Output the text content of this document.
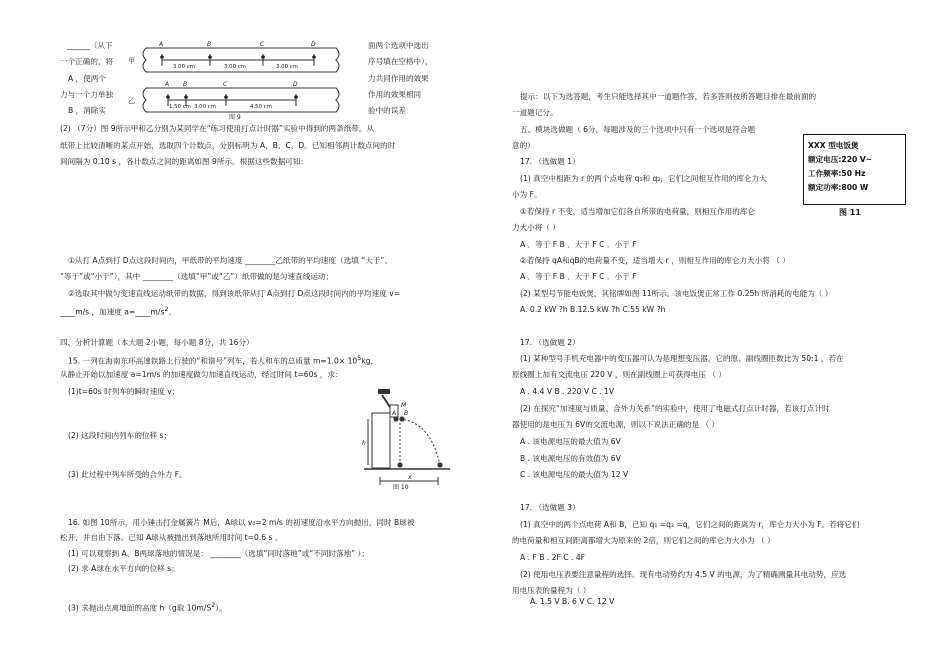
______（从下
一个正确的，将
A ，使两个
力与一个力单独
B ，消除实
面两个选项中选出
序号填在空格中），
力共同作用的效果
作用的效果相同
验中的误差
A	B	C	D
A B	C	D
3.00 cm	3.00 cm	3.00 cm
1.50 cm 3.00 cm	4.50 cm
甲
乙
图 9
(2) （7分）图 9所示甲和乙分别为某同学在“练习使用打点计时器”实验中得到的两条纸带。从
纸带上比较清晰的某点开始，选取四个计数点，分别标明为 A、B、C、D。已知相邻两计数点间的时
间间隔为 0.10 s ，各计数点之间的距离如图 9所示。根据这些数据可知：
①从打 A点到打 D点这段时间内，甲纸带的平均速度 ________乙纸带的平均速度（选填 “大于”、
“等于”或“小于”），其中 ________（选填“甲”或“乙”）纸带做的是匀速直线运动；
②选取其中做匀变速直线运动纸带的数据，得到该纸带从打 A点到打 D点这段时间内的平均速度 v=
____m/s ，加速度 $a=\_\_\_\_m/s^2$。
四、分析计算题（本大题 2小题，每小题 8分，共 16分）
15. 一列在海南东环高速铁路上行驶的“和谐号”列车，若人和车的总质量 $m=1.0\times 10^5kg$，
从静止开始以加速度 a=1m/s 的加速度做匀加速直线运动，经过时间 t=60s ，求：
(1)t=60s 时列车的瞬时速度 v；
(2) 这段时间内列车的位移 s；
(3) 此过程中列车所受的合外力 F。
M
h
x
A B
图 10
16. 如图 10所示，用小锤击打金属簧片 M后，A球以 v₀=2 m/s 的初速度沿水平方向抛出，同时 B球被
松开，并自由下落。已知 A球从被抛出到落地所用时间 t=0.6 s 。
(1) 可以观察到 A、B两球落地的情况是： ________（选填“同时落地”或“不同时落地” ）；
(2) 求 A球在水平方向的位移 s；
(3) 求抛出点离地面的高度 h（g取 $10m/S^2$）。
提示：以下为选答题，考生只能选择其中一道题作答，若多答则按所答题目排在最前面的
一道题记分。
五、模块选做题（ 6分，每题涉及的三个选项中只有一个选项是符合题
意的）
17. （选做题 1）
(1) 真空中相距为 r 的两个点电荷 q₁和 q₂，它们之间相互作用的库仑力大
小为 F。
①若保持 r 不变，适当增加它们各自所带的电荷量，则相互作用的库仑
力大小将（ ）
A ．等于 F B ．大于 F C ．小于 F
②若保持 qA和qB的电荷量不变，适当增大 r ，则相互作用的库仑力大小将 （ ）
A ．等于 F B ．大于 F C ．小于 F
(2) 某型号节能电饭煲，其铭牌如图 11所示。该电饭煲正常工作 0.25h 所消耗的电能为（ ）
A. 0.2 kW ?h B.12.5 kW ?h C.55 kW ?h
XXX 型电饭煲
额定电压:220 V~
工作频率:50 Hz
额定功率:800 W
图 11
17. （选做题 2）
(1) 某种型号手机充电器中的变压器可认为是理想变压器，它的原、副线圈匝数比为 50:1 ，若在
原线圈上加有交流电压 220 V ，则在副线圈上可获得电压 （ ）
A . 4.4 V B . 220 V C . 1V
(2) 在探究“加速度与质量、合外力关系”的实验中，使用了电磁式打点计时器，若该打点计时
器使用的是电压为 6V的交流电源，则以下说法正确的是 （ ）
A . 该电源电压的最大值为 6V
B . 该电源电压的有效值为 6V
C . 该电源电压的最大值为 12 V
17. （选做题 3）
(1) 真空中的两个点电荷 A和 B，已知 q₁ =q₂ =q，它们之间的距离为 r，库仑力大小为 F。若将它们
的电荷量和相互间距离都增大为原来的 2倍，则它们之间的库仑力大小为 （ ）
A . F B . 2F C . 4F
(2) 使用电压表要注意量程的选择。现有电动势约为 4.5 V 的电源，为了精确测量其电动势，应选
用电压表的量程为（ ）
A. 1.5 V B. 6 V C. 12 V
